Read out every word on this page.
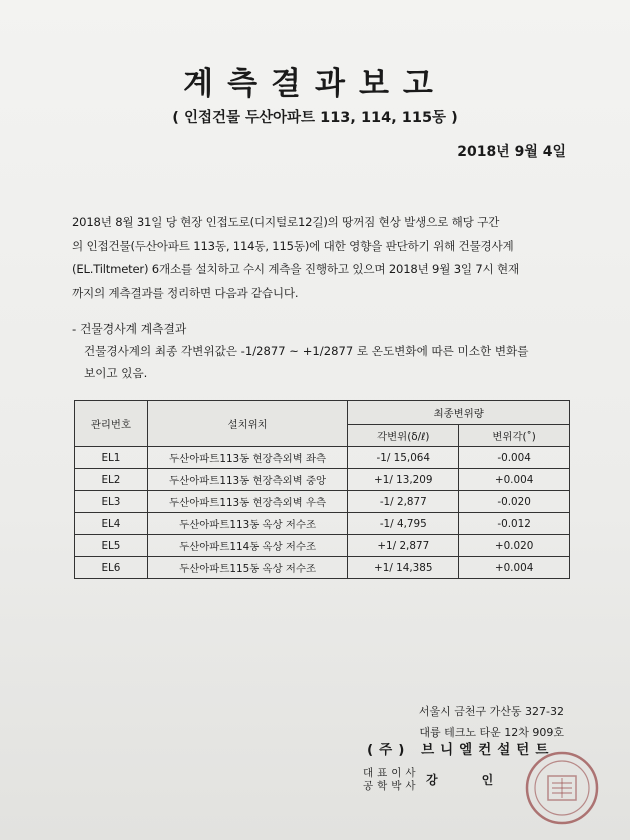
계측결과보고
( 인접건물 두산아파트 113, 114, 115동 )
2018년 9월 4일
2018년 8월 31일 당 현장 인접도로(디지털로12길)의 땅꺼짐 현상 발생으로 해당 구간
의 인접건물(두산아파트 113동, 114동, 115동)에 대한 영향을 판단하기 위해 건물경사계
(EL.Tiltmeter) 6개소를 설치하고 수시 계측을 진행하고 있으며 2018년 9월 3일 7시 현재
까지의 계측결과를 정리하면 다음과 같습니다.
- 건물경사계 계측결과
건물경사계의 최종 각변위값은 -1/2877 ~ +1/2877 로 온도변화에 따른 미소한 변화를
보이고 있음.
관리번호	설치위치	최종변위량	
		각변위(δ/ℓ)	변위각(˚)
EL1	두산아파트113동 현장측외벽 좌측	-1/ 15,064	-0.004
EL2	두산아파트113동 현장측외벽 중앙	+1/ 13,209	+0.004
EL3	두산아파트113동 현장측외벽 우측	-1/ 2,877	-0.020
EL4	두산아파트113동 옥상 저수조	-1/ 4,795	-0.012
EL5	두산아파트114동 옥상 저수조	+1/ 2,877	+0.020
EL6	두산아파트115동 옥상 저수조	+1/ 14,385	+0.004
서울시 금천구 가산동 327-32
대륭 테크노 타운 12차 909호
(주) 브니엘컨설턴트
대표이사
공학박사 강인
